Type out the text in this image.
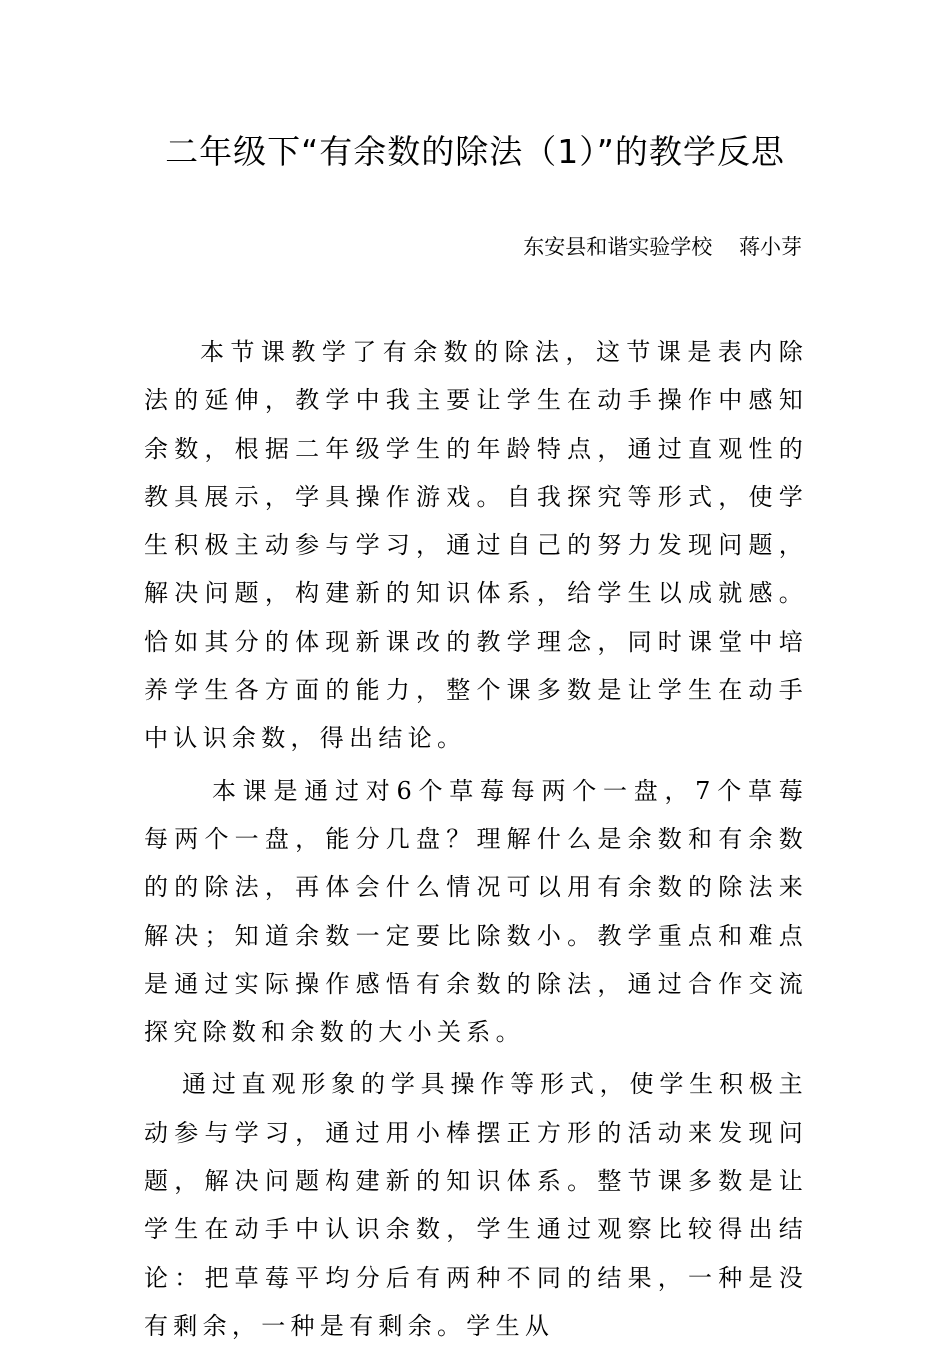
二年级下“有余数的除法（1）”的教学反思
东安县和谐实验学校    蒋小芽

本节课教学了有余数的除法，这节课是表内除法的延伸，教学中我主要让学生在动手操作中感知余数，根据二年级学生的年龄特点，通过直观性的教具展示，学具操作游戏。自我探究等形式，使学生积极主动参与学习，通过自己的努力发现问题，解决问题，构建新的知识体系，给学生以成就感。恰如其分的体现新课改的教学理念，同时课堂中培养学生各方面的能力，整个课多数是让学生在动手中认识余数，得出结论。

本课是通过对6个草莓每两个一盘，7个草莓每两个一盘，能分几盘？理解什么是余数和有余数的的除法，再体会什么情况可以用有余数的除法来解决；知道余数一定要比除数小。教学重点和难点是通过实际操作感悟有余数的除法，通过合作交流探究除数和余数的大小关系。

通过直观形象的学具操作等形式，使学生积极主动参与学习，通过用小棒摆正方形的活动来发现问题，解决问题构建新的知识体系。整节课多数是让学生在动手中认识余数，学生通过观察比较得出结论：把草莓平均分后有两种不同的结果，一种是没有剩余，一种是有剩余。学生从
